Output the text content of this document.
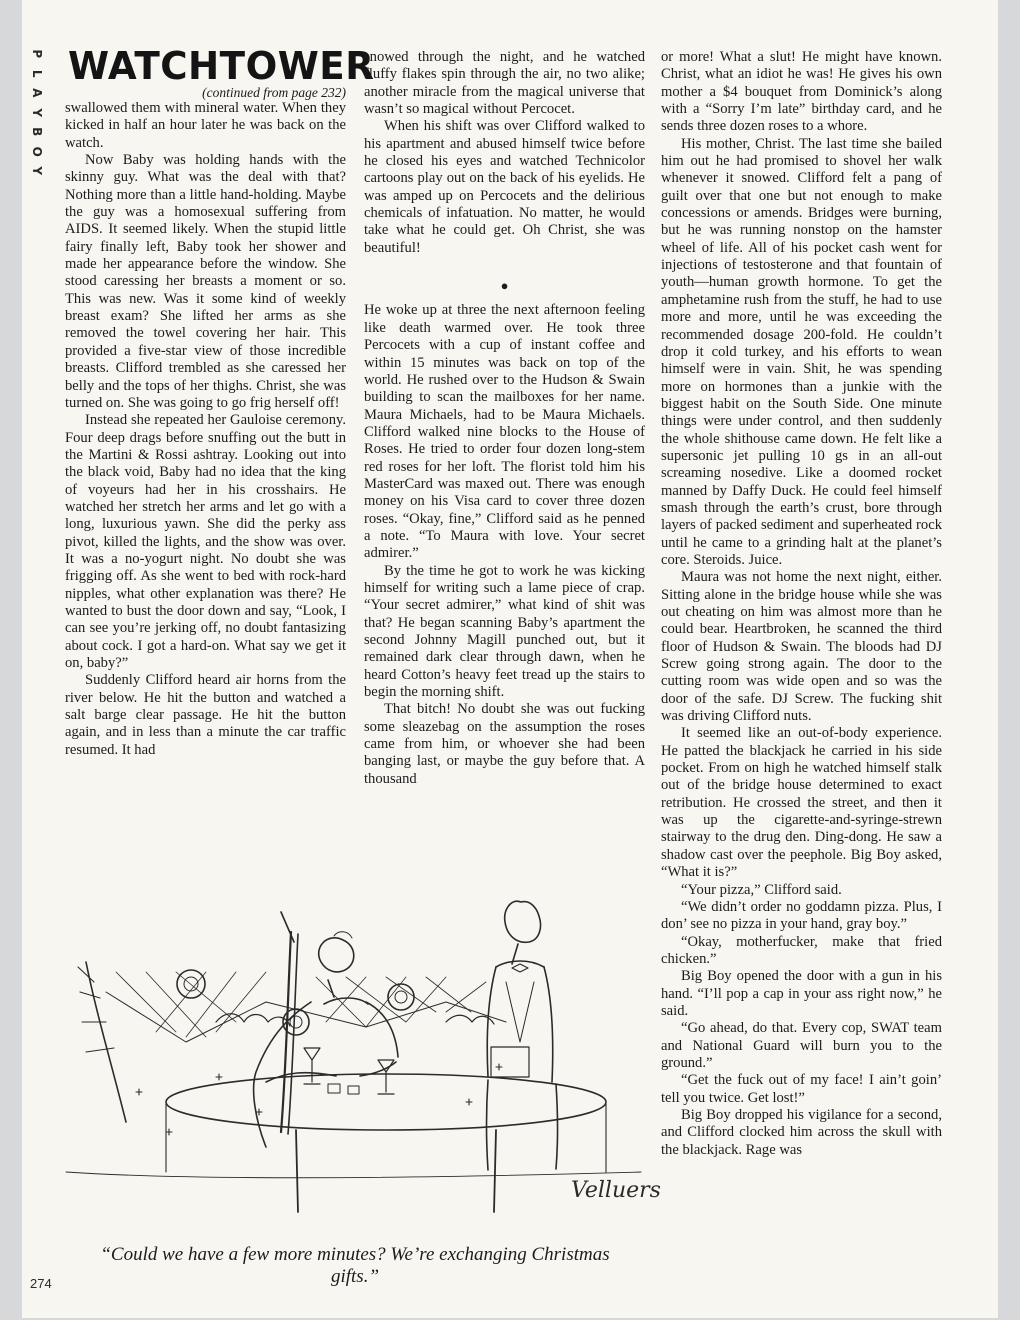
P
L
A
Y
B
O
Y
WATCHTOWER
(continued from page 232)

swallowed them with mineral water. When they kicked in half an hour later he was back on the watch.

Now Baby was holding hands with the skinny guy. What was the deal with that? Nothing more than a little hand-holding. Maybe the guy was a homosexual suffering from AIDS. It seemed likely. When the stupid little fairy finally left, Baby took her shower and made her appearance before the window. She stood caressing her breasts a moment or so. This was new. Was it some kind of weekly breast exam? She lifted her arms as she removed the towel covering her hair. This provided a five-star view of those incredible breasts. Clifford trembled as she caressed her belly and the tops of her thighs. Christ, she was turned on. She was going to go frig herself off!

Instead she repeated her Gauloise ceremony. Four deep drags before snuffing out the butt in the Martini & Rossi ashtray. Looking out into the black void, Baby had no idea that the king of voyeurs had her in his crosshairs. He watched her stretch her arms and let go with a long, luxurious yawn. She did the perky ass pivot, killed the lights, and the show was over. It was a no-yogurt night. No doubt she was frigging off. As she went to bed with rock-hard nipples, what other explanation was there? He wanted to bust the door down and say, “Look, I can see you’re jerking off, no doubt fantasizing about cock. I got a hard-on. What say we get it on, baby?”

Suddenly Clifford heard air horns from the river below. He hit the button and watched a salt barge clear passage. He hit the button again, and in less than a minute the car traffic resumed. It had

snowed through the night, and he watched fluffy flakes spin through the air, no two alike; another miracle from the magical universe that wasn’t so magical without Percocet.

When his shift was over Clifford walked to his apartment and abused himself twice before he closed his eyes and watched Technicolor cartoons play out on the back of his eyelids. He was amped up on Percocets and the delirious chemicals of infatuation. No matter, he would take what he could get. Oh Christ, she was beautiful!

●

He woke up at three the next afternoon feeling like death warmed over. He took three Percocets with a cup of instant coffee and within 15 minutes was back on top of the world. He rushed over to the Hudson & Swain building to scan the mailboxes for her name. Maura Michaels, had to be Maura Michaels. Clifford walked nine blocks to the House of Roses. He tried to order four dozen long-stem red roses for her loft. The florist told him his MasterCard was maxed out. There was enough money on his Visa card to cover three dozen roses. “Okay, fine,” Clifford said as he penned a note. “To Maura with love. Your secret admirer.”

By the time he got to work he was kicking himself for writing such a lame piece of crap. “Your secret admirer,” what kind of shit was that? He began scanning Baby’s apartment the second Johnny Magill punched out, but it remained dark clear through dawn, when he heard Cotton’s heavy feet tread up the stairs to begin the morning shift.

That bitch! No doubt she was out fucking some sleazebag on the assumption the roses came from him, or whoever she had been banging last, or maybe the guy before that. A thousand

or more! What a slut! He might have known. Christ, what an idiot he was! He gives his own mother a $4 bouquet from Dominick’s along with a “Sorry I’m late” birthday card, and he sends three dozen roses to a whore.

His mother, Christ. The last time she bailed him out he had promised to shovel her walk whenever it snowed. Clifford felt a pang of guilt over that one but not enough to make concessions or amends. Bridges were burning, but he was running nonstop on the hamster wheel of life. All of his pocket cash went for injections of testosterone and that fountain of youth—human growth hormone. To get the amphetamine rush from the stuff, he had to use more and more, until he was exceeding the recommended dosage 200-fold. He couldn’t drop it cold turkey, and his efforts to wean himself were in vain. Shit, he was spending more on hormones than a junkie with the biggest habit on the South Side. One minute things were under control, and then suddenly the whole shithouse came down. He felt like a supersonic jet pulling 10 gs in an all-out screaming nosedive. Like a doomed rocket manned by Daffy Duck. He could feel himself smash through the earth’s crust, bore through layers of packed sediment and superheated rock until he came to a grinding halt at the planet’s core. Steroids. Juice.

Maura was not home the next night, either. Sitting alone in the bridge house while she was out cheating on him was almost more than he could bear. Heartbroken, he scanned the third floor of Hudson & Swain. The bloods had DJ Screw going strong again. The door to the cutting room was wide open and so was the door of the safe. DJ Screw. The fucking shit was driving Clifford nuts.

It seemed like an out-of-body experience. He patted the blackjack he carried in his side pocket. From on high he watched himself stalk out of the bridge house determined to exact retribution. He crossed the street, and then it was up the cigarette-and-syringe-strewn stairway to the drug den. Ding-dong. He saw a shadow cast over the peephole. Big Boy asked, “What it is?”

“Your pizza,” Clifford said.

“We didn’t order no goddamn pizza. Plus, I don’ see no pizza in your hand, gray boy.”

“Okay, motherfucker, make that fried chicken.”

Big Boy opened the door with a gun in his hand. “I’ll pop a cap in your ass right now,” he said.

“Go ahead, do that. Every cop, SWAT team and National Guard will burn you to the ground.”

“Get the fuck out of my face! I ain’t goin’ tell you twice. Get lost!”

Big Boy dropped his vigilance for a second, and Clifford clocked him across the skull with the blackjack. Rage was

Velluers
“Could we have a few more minutes? We’re exchanging Christmas gifts.”
274
